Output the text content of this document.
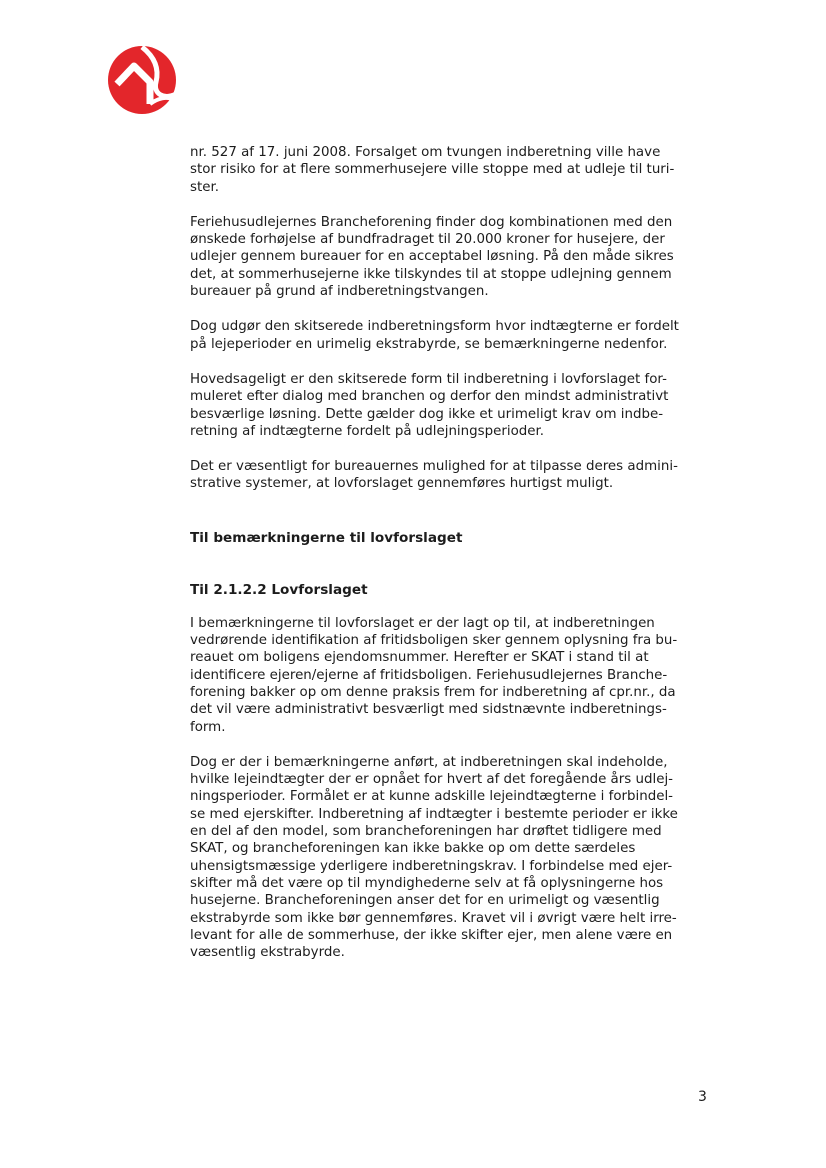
nr. 527 af 17. juni 2008. Forsalget om tvungen indberetning ville have
stor risiko for at flere sommerhusejere ville stoppe med at udleje til turi-
ster.

Feriehusudlejernes Brancheforening finder dog kombinationen med den
ønskede forhøjelse af bundfradraget til 20.000 kroner for husejere, der
udlejer gennem bureauer for en acceptabel løsning. På den måde sikres
det, at sommerhusejerne ikke tilskyndes til at stoppe udlejning gennem
bureauer på grund af indberetningstvangen.

Dog udgør den skitserede indberetningsform hvor indtægterne er fordelt
på lejeperioder en urimelig ekstrabyrde, se bemærkningerne nedenfor.

Hovedsageligt er den skitserede form til indberetning i lovforslaget for-
muleret efter dialog med branchen og derfor den mindst administrativt
besværlige løsning. Dette gælder dog ikke et urimeligt krav om indbe-
retning af indtægterne fordelt på udlejningsperioder.

Det er væsentligt for bureauernes mulighed for at tilpasse deres admini-
strative systemer, at lovforslaget gennemføres hurtigst muligt.

Til bemærkningerne til lovforslaget
Til 2.1.2.2 Lovforslaget

I bemærkningerne til lovforslaget er der lagt op til, at indberetningen
vedrørende identifikation af fritidsboligen sker gennem oplysning fra bu-
reauet om boligens ejendomsnummer. Herefter er SKAT i stand til at
identificere ejeren/ejerne af fritidsboligen. Feriehusudlejernes Branche-
forening bakker op om denne praksis frem for indberetning af cpr.nr., da
det vil være administrativt besværligt med sidstnævnte indberetnings-
form.

Dog er der i bemærkningerne anført, at indberetningen skal indeholde,
hvilke lejeindtægter der er opnået for hvert af det foregående års udlej-
ningsperioder. Formålet er at kunne adskille lejeindtægterne i forbindel-
se med ejerskifter. Indberetning af indtægter i bestemte perioder er ikke
en del af den model, som brancheforeningen har drøftet tidligere med
SKAT, og brancheforeningen kan ikke bakke op om dette særdeles
uhensigtsmæssige yderligere indberetningskrav. I forbindelse med ejer-
skifter må det være op til myndighederne selv at få oplysningerne hos
husejerne. Brancheforeningen anser det for en urimeligt og væsentlig
ekstrabyrde som ikke bør gennemføres. Kravet vil i øvrigt være helt irre-
levant for alle de sommerhuse, der ikke skifter ejer, men alene være en
væsentlig ekstrabyrde.

3
